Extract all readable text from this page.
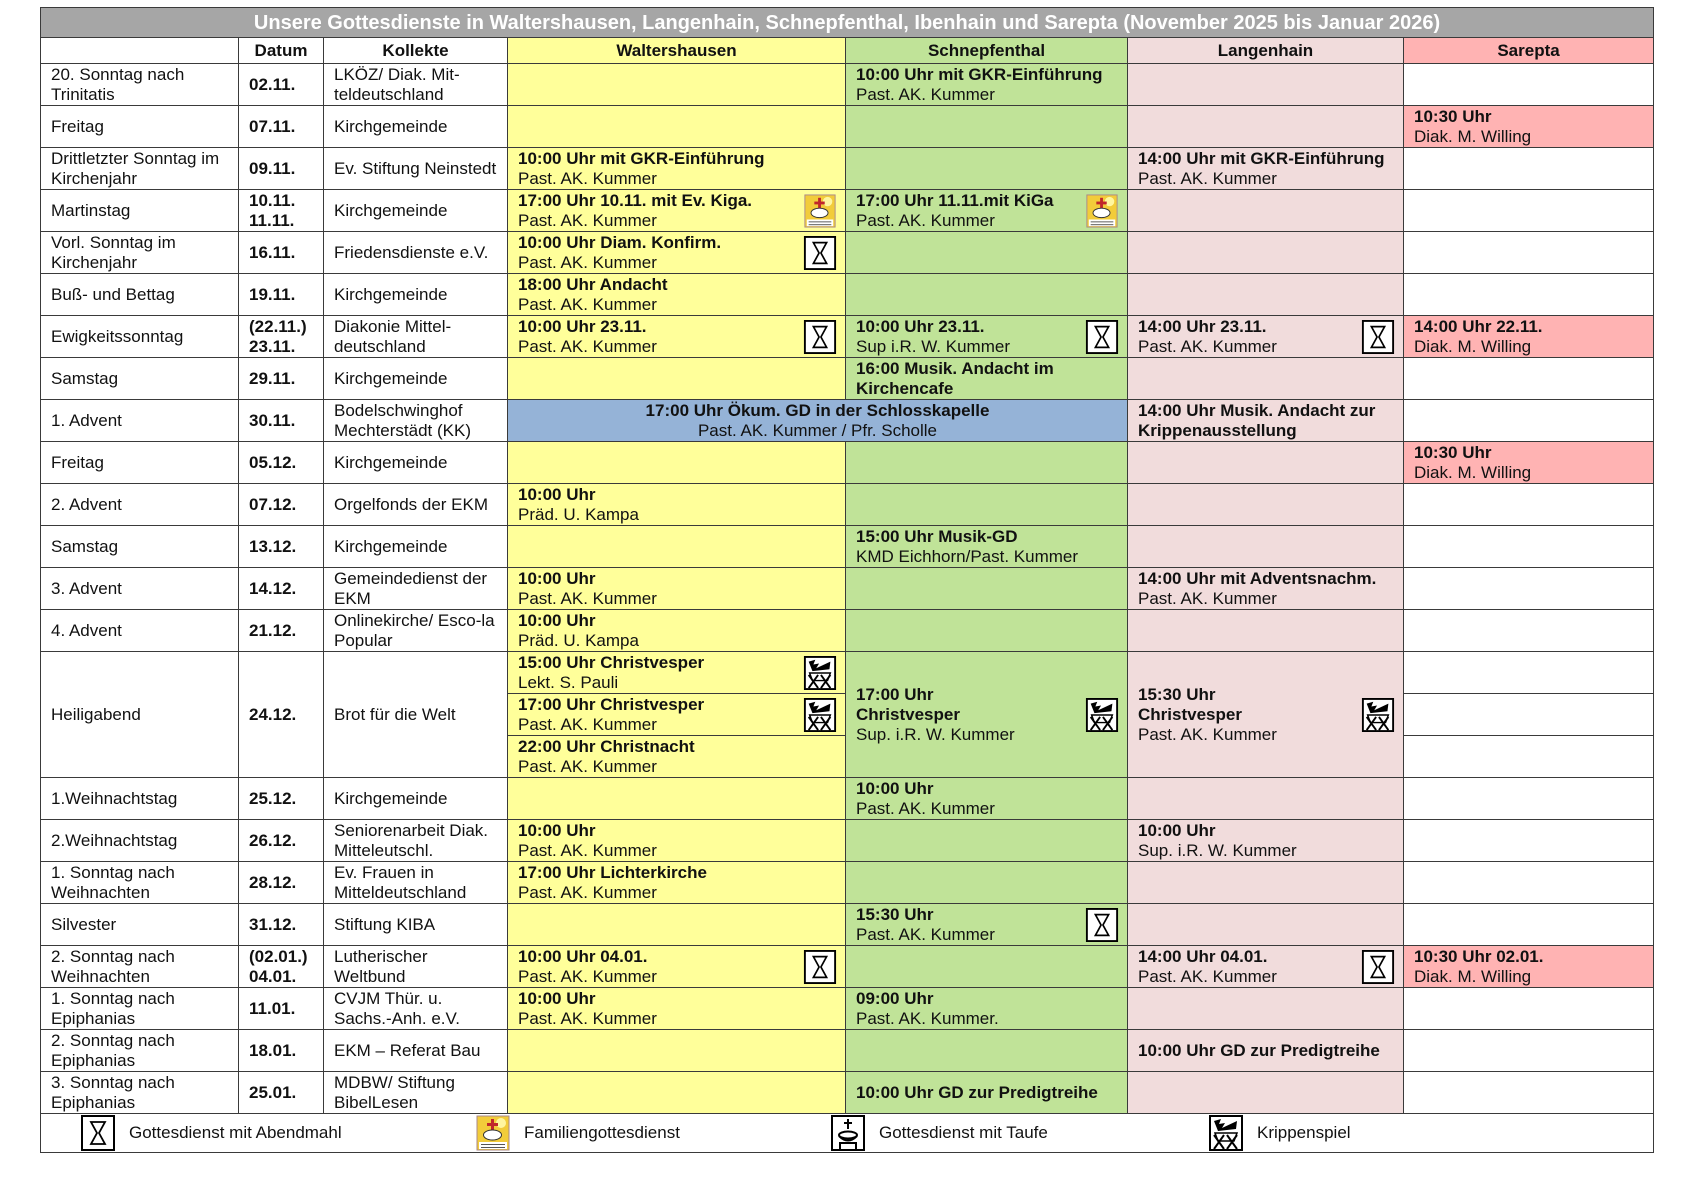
Unsere Gottesdienste in Waltershausen, Langenhain, Schnepfenthal, Ibenhain und Sarepta (November 2025 bis Januar 2026)						
	Datum	Kollekte	Waltershausen	Schnepfenthal	Langenhain	Sarepta
20. Sonntag nach Trinitatis	02.11.	LKÖZ/ Diak. Mit-teldeutschland		10:00 Uhr mit GKR-Einführung
Past. AK. Kummer		

Freitag	07.11.	Kirchgemeinde				10:30 Uhr
Diak. M. Willing

Drittletzter Sonntag im Kirchenjahr	09.11.	Ev. Stiftung Neinstedt	10:00 Uhr mit GKR-Einführung
Past. AK. Kummer		14:00 Uhr mit GKR-Einführung
Past. AK. Kummer	

Martinstag	10.11. 11.11.	Kirchgemeinde	17:00 Uhr 10.11. mit Ev. Kiga.
Past. AK. Kummer	17:00 Uhr 11.11.mit KiGa
Past. AK. Kummer		

Vorl. Sonntag im Kirchenjahr	16.11.	Friedensdienste e.V.	10:00 Uhr Diam. Konfirm.
Past. AK. Kummer			

Buß- und Bettag	19.11.	Kirchgemeinde	18:00 Uhr Andacht
Past. AK. Kummer			

Ewigkeitssonntag	(22.11.) 23.11.	Diakonie Mittel-deutschland	10:00 Uhr 23.11.
Past. AK. Kummer	10:00 Uhr 23.11.
Sup i.R. W. Kummer	14:00 Uhr 23.11.
Past. AK. Kummer	14:00 Uhr 22.11.
Diak. M. Willing

Samstag	29.11.	Kirchgemeinde		16:00 Musik. Andacht im Kirchencafe		

1. Advent	30.11.	Bodelschwinghof Mechterstädt (KK)	17:00 Uhr Ökum. GD in der Schlosskapelle
Past. AK. Kummer / Pfr. Scholle		14:00 Uhr Musik. Andacht zur Krippenausstellung	

Freitag	05.12.	Kirchgemeinde				10:30 Uhr
Diak. M. Willing

2. Advent	07.12.	Orgelfonds der EKM	10:00 Uhr
Präd. U. Kampa			

Samstag	13.12.	Kirchgemeinde		15:00 Uhr Musik-GD
KMD Eichhorn/Past. Kummer		

3. Advent	14.12.	Gemeindedienst der EKM	10:00 Uhr
Past. AK. Kummer		14:00 Uhr mit Adventsnachm.
Past. AK. Kummer	

4. Advent	21.12.	Onlinekirche/ Esco-la Popular	10:00 Uhr
Präd. U. Kampa			

Heiligabend	24.12.	Brot für die Welt	15:00 Uhr Christvesper
Lekt. S. Pauli	17:00 Uhr
Christvesper
Sup. i.R. W. Kummer	15:30 Uhr
Christvesper
Past. AK. Kummer	

			17:00 Uhr Christvesper
Past. AK. Kummer			

			22:00 Uhr Christnacht
Past. AK. Kummer			

1.Weihnachtstag	25.12.	Kirchgemeinde		10:00 Uhr
Past. AK. Kummer		

2.Weihnachtstag	26.12.	Seniorenarbeit Diak. Mitteleutschl.	10:00 Uhr
Past. AK. Kummer		10:00 Uhr
Sup. i.R. W. Kummer	

1. Sonntag nach Weihnachten	28.12.	Ev. Frauen in Mitteldeutschland	17:00 Uhr Lichterkirche
Past. AK. Kummer			

Silvester	31.12.	Stiftung KIBA		15:30 Uhr
Past. AK. Kummer		

2. Sonntag nach Weihnachten	(02.01.) 04.01.	Lutherischer Weltbund	10:00 Uhr 04.01.
Past. AK. Kummer		14:00 Uhr 04.01.
Past. AK. Kummer	10:30 Uhr 02.01.
Diak. M. Willing

1. Sonntag nach Epiphanias	11.01.	CVJM Thür. u. Sachs.-Anh. e.V.	10:00 Uhr
Past. AK. Kummer	09:00 Uhr
Past. AK. Kummer.		

2. Sonntag nach Epiphanias	18.01.	EKM – Referat Bau			10:00 Uhr GD zur Predigtreihe	

3. Sonntag nach Epiphanias	25.01.	MDBW/ Stiftung BibelLesen		10:00 Uhr GD zur Predigtreihe		

Gottesdienst mit Abendmahl Familiengottesdienst Gottesdienst mit Taufe Krippenspiel						
